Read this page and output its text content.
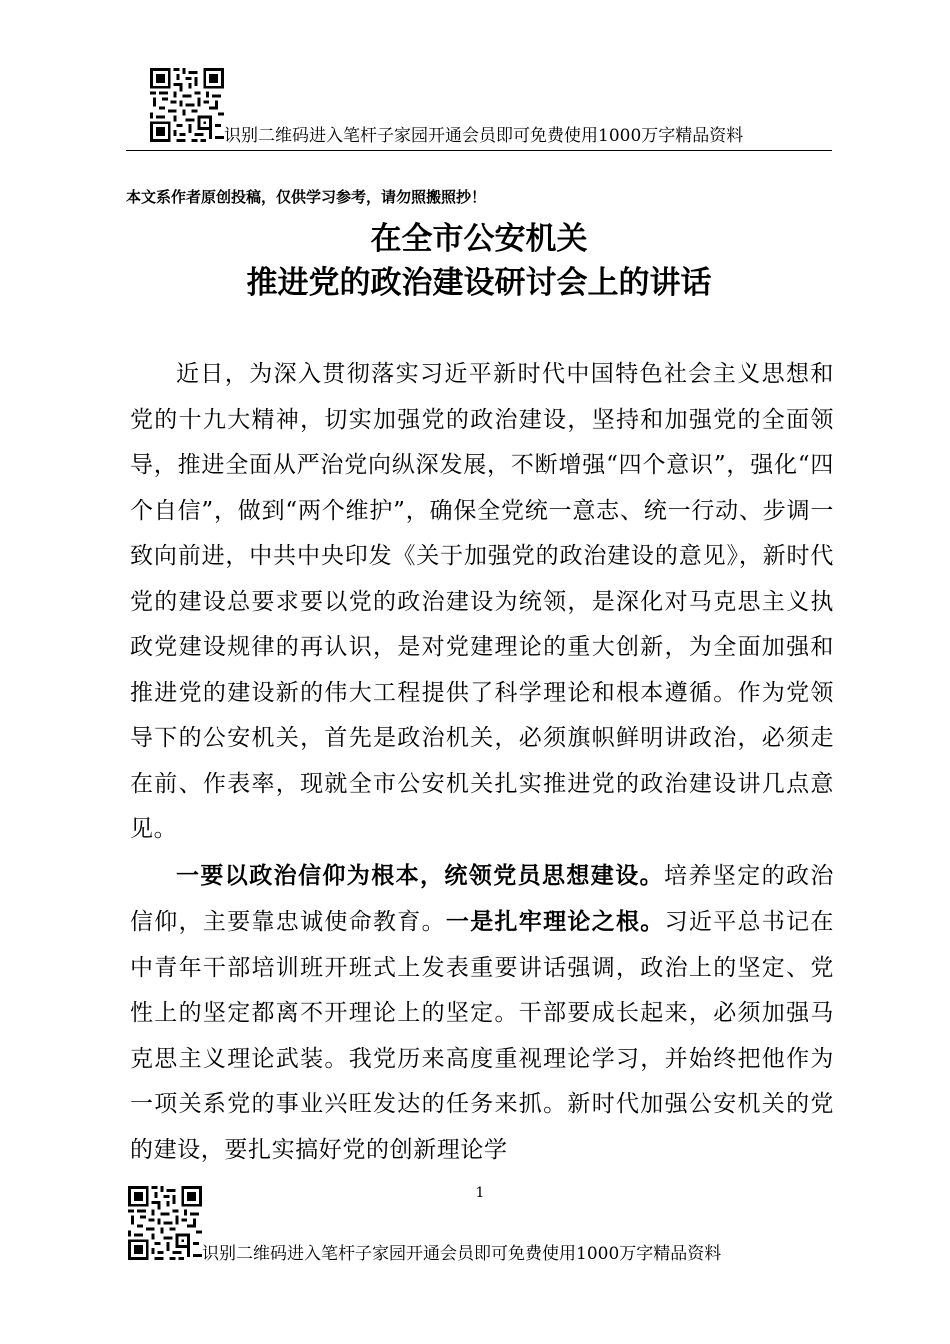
识别二维码进入笔杆子家园开通会员即可免费使用1000万字精品资料
本文系作者原创投稿，仅供学习参考，请勿照搬照抄！
在全市公安机关
推进党的政治建设研讨会上的讲话

近日，为深入贯彻落实习近平新时代中国特色社会主义思想和党的十九大精神，切实加强党的政治建设，坚持和加强党的全面领导，推进全面从严治党向纵深发展，不断增强“四个意识”，强化“四个自信”，做到“两个维护”，确保全党统一意志、统一行动、步调一致向前进，中共中央印发《关于加强党的政治建设的意见》，新时代党的建设总要求要以党的政治建设为统领，是深化对马克思主义执政党建设规律的再认识，是对党建理论的重大创新，为全面加强和推进党的建设新的伟大工程提供了科学理论和根本遵循。作为党领导下的公安机关，首先是政治机关，必须旗帜鲜明讲政治，必须走在前、作表率，现就全市公安机关扎实推进党的政治建设讲几点意见。

一要以政治信仰为根本，统领党员思想建设。培养坚定的政治信仰，主要靠忠诚使命教育。一是扎牢理论之根。习近平总书记在中青年干部培训班开班式上发表重要讲话强调，政治上的坚定、党性上的坚定都离不开理论上的坚定。干部要成长起来，必须加强马克思主义理论武装。我党历来高度重视理论学习，并始终把他作为一项关系党的事业兴旺发达的任务来抓。新时代加强公安机关的党的建设，要扎实搞好党的创新理论学

1
识别二维码进入笔杆子家园开通会员即可免费使用1000万字精品资料
